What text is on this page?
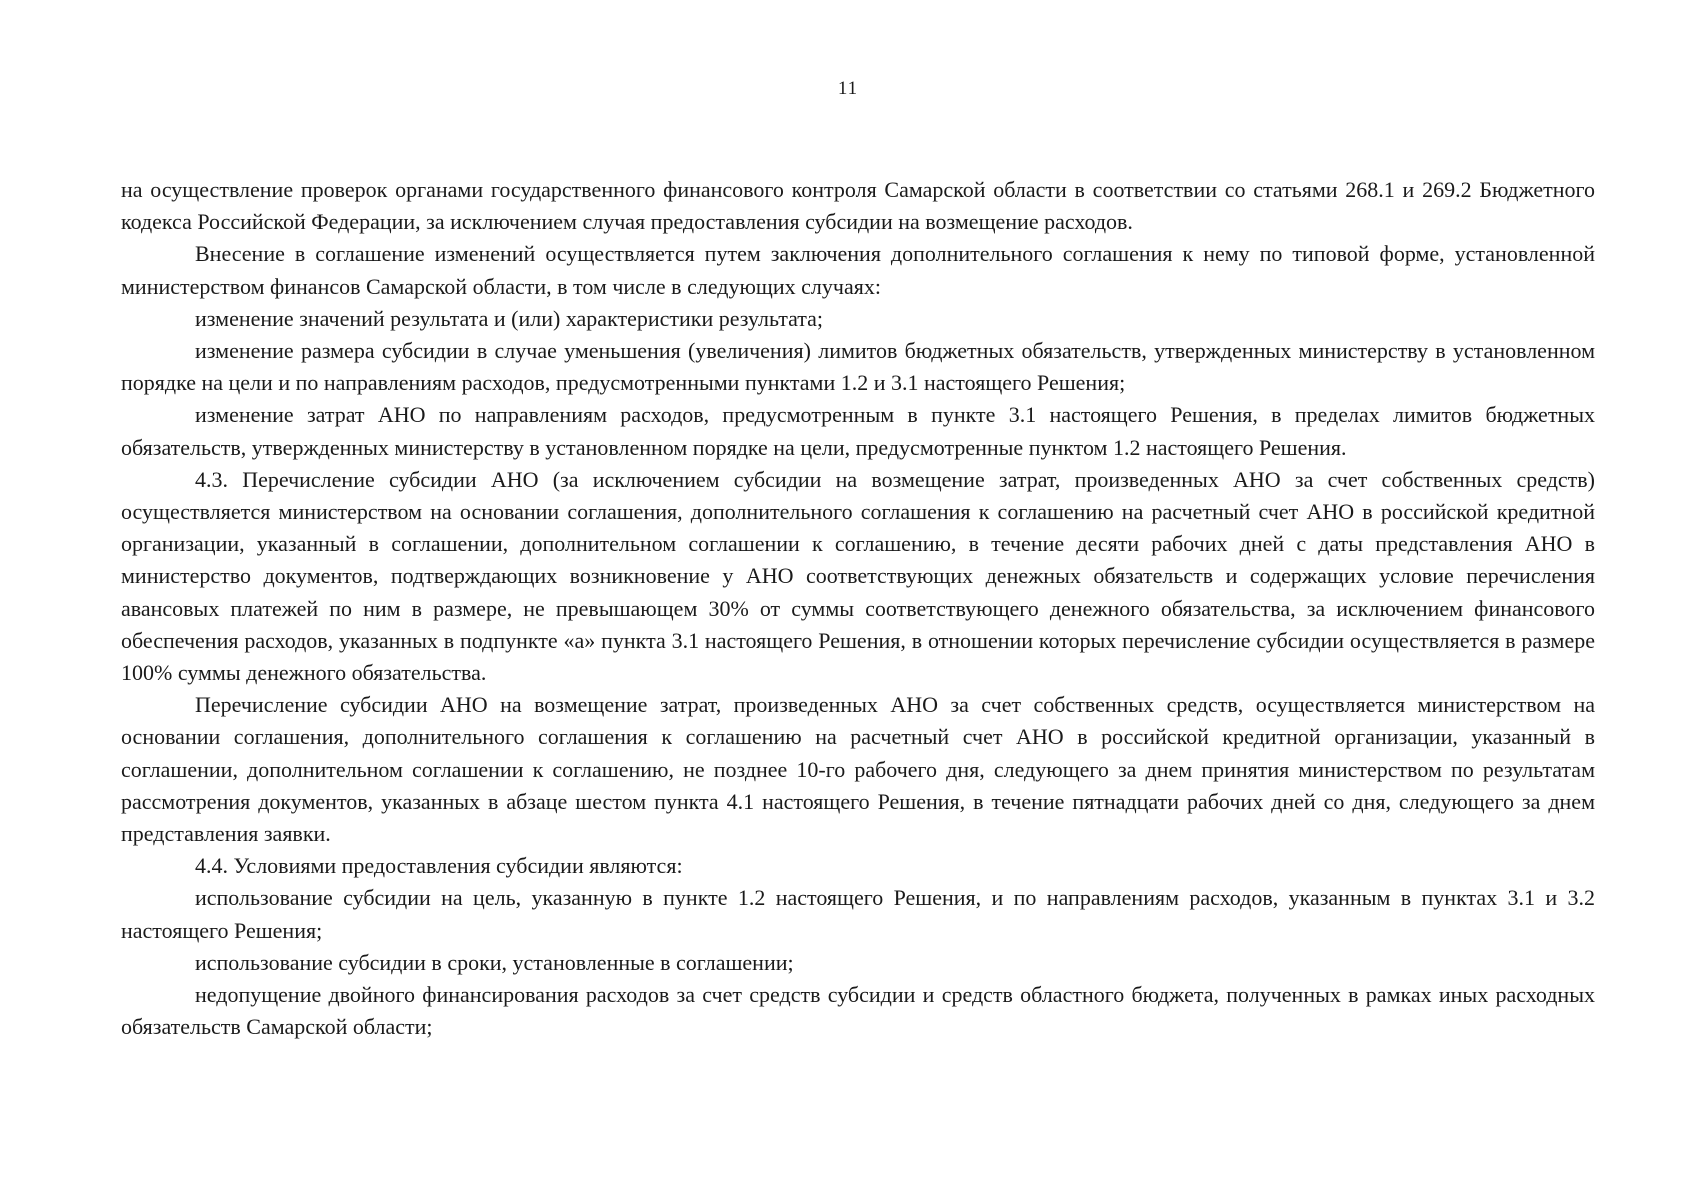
11

на осуществление проверок органами государственного финансового контроля Самарской области в соответствии со статьями 268.1 и 269.2 Бюджетного кодекса Российской Федерации, за исключением случая предоставления субсидии на возмещение расходов.

Внесение в соглашение изменений осуществляется путем заключения дополнительного соглашения к нему по типовой форме, установленной министерством финансов Самарской области, в том числе в следующих случаях:

изменение значений результата и (или) характеристики результата;

изменение размера субсидии в случае уменьшения (увеличения) лимитов бюджетных обязательств, утвержденных министерству в установленном порядке на цели и по направлениям расходов, предусмотренными пунктами 1.2 и 3.1 настоящего Решения;

изменение затрат АНО по направлениям расходов, предусмотренным в пункте 3.1 настоящего Решения, в пределах лимитов бюджетных обязательств, утвержденных министерству в установленном порядке на цели, предусмотренные пунктом 1.2 настоящего Решения.

4.3. Перечисление субсидии АНО (за исключением субсидии на возмещение затрат, произведенных АНО за счет собственных средств) осуществляется министерством на основании соглашения, дополнительного соглашения к соглашению на расчетный счет АНО в российской кредитной организации, указанный в соглашении, дополнительном соглашении к соглашению, в течение десяти рабочих дней с даты представления АНО в министерство документов, подтверждающих возникновение у АНО соответствующих денежных обязательств и содержащих условие перечисления авансовых платежей по ним в размере, не превышающем 30% от суммы соответствующего денежного обязательства, за исключением финансового обеспечения расходов, указанных в подпункте «а» пункта 3.1 настоящего Решения, в отношении которых перечисление субсидии осуществляется в размере 100% суммы денежного обязательства.

Перечисление субсидии АНО на возмещение затрат, произведенных АНО за счет собственных средств, осуществляется министерством на основании соглашения, дополнительного соглашения к соглашению на расчетный счет АНО в российской кредитной организации, указанный в соглашении, дополнительном соглашении к соглашению, не позднее 10-го рабочего дня, следующего за днем принятия министерством по результатам рассмотрения документов, указанных в абзаце шестом пункта 4.1 настоящего Решения, в течение пятнадцати рабочих дней со дня, следующего за днем представления заявки.

4.4. Условиями предоставления субсидии являются:

использование субсидии на цель, указанную в пункте 1.2 настоящего Решения, и по направлениям расходов, указанным в пунктах 3.1 и 3.2 настоящего Решения;

использование субсидии в сроки, установленные в соглашении;

недопущение двойного финансирования расходов за счет средств субсидии и средств областного бюджета, полученных в рамках иных расходных обязательств Самарской области;
